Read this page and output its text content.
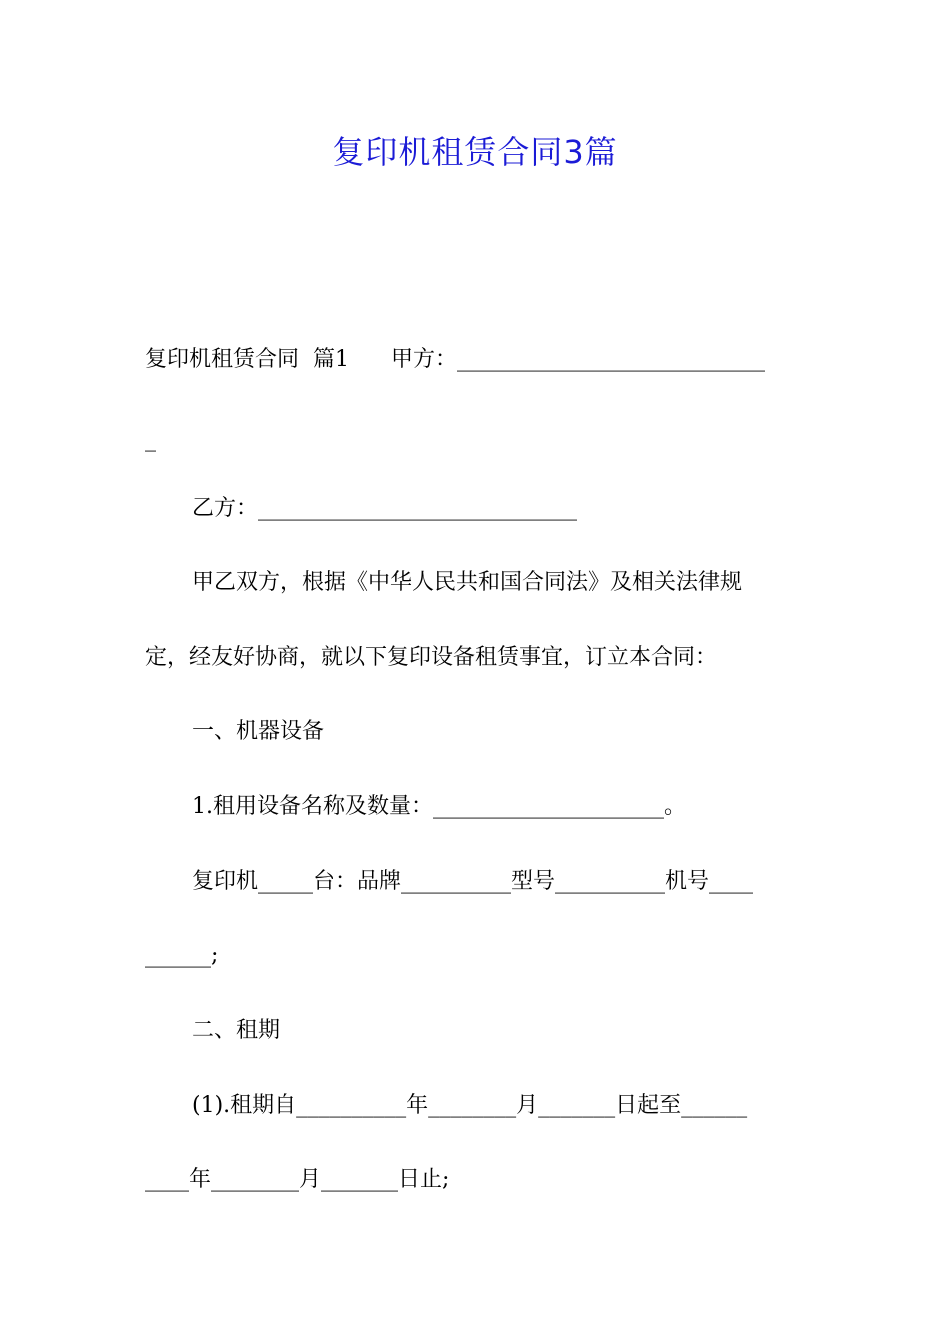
复印机租赁合同3篇

复印机租赁合同  篇1      甲方：____________________________

_

乙方：_____________________________

甲乙双方，根据《中华人民共和国合同法》及相关法律规

定，经友好协商，就以下复印设备租赁事宜，订立本合同：

一、机器设备

1.租用设备名称及数量：_____________________。

复印机_____台：品牌__________型号__________机号____

______;

二、租期

(1).租期自__________年________月_______日起至______

____年________月_______日止;
